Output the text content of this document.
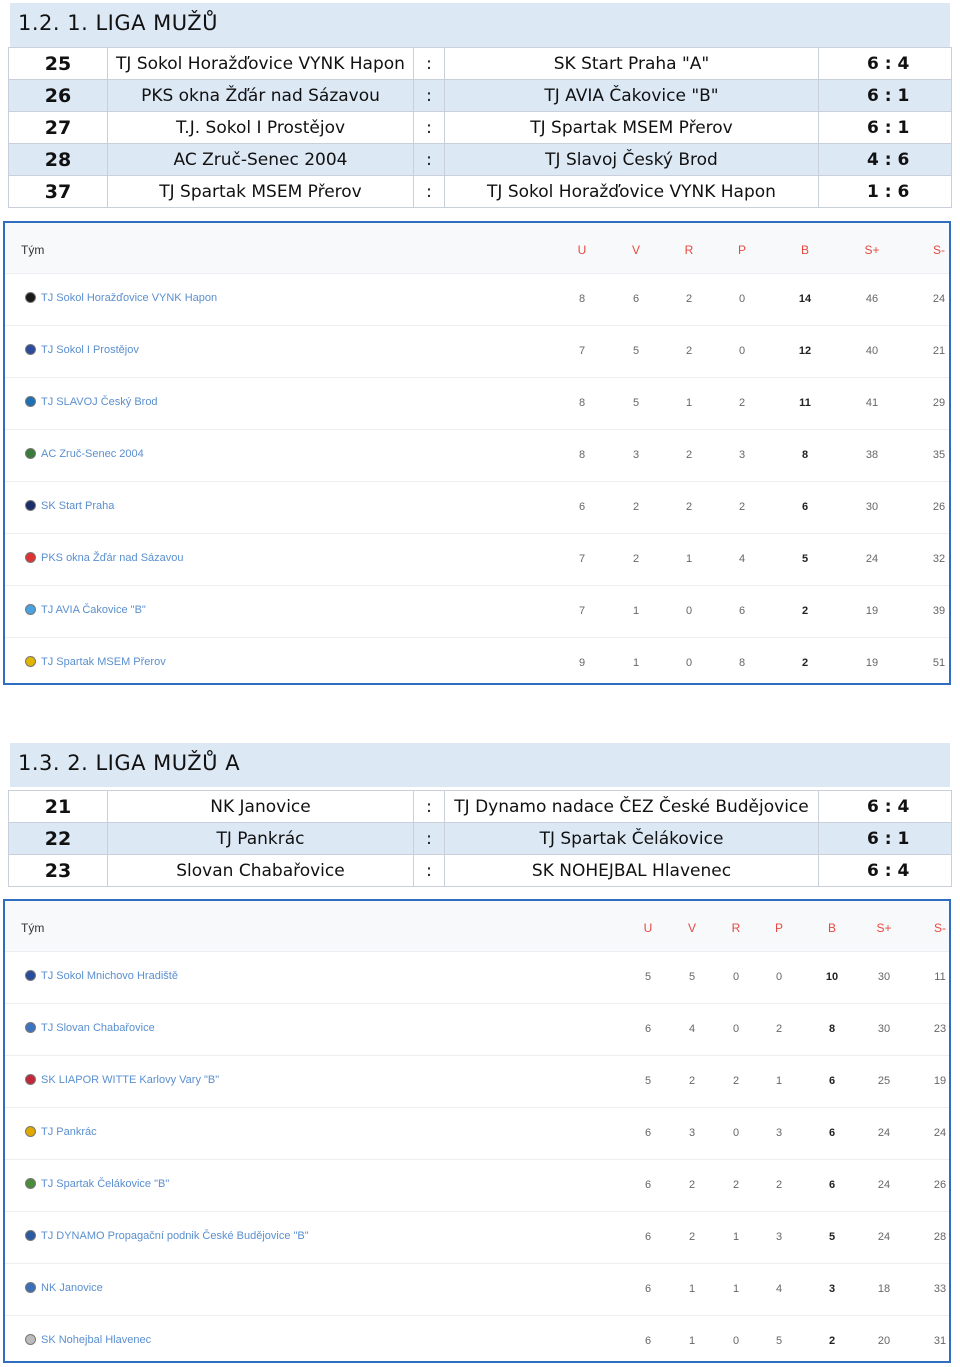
1.2. 1. LIGA MUŽŮ
25	TJ Sokol Horažďovice VYNK Hapon	:	SK Start Praha "A"	6 : 4
26	PKS okna Žďár nad Sázavou	:	TJ AVIA Čakovice "B"	6 : 1
27	T.J. Sokol I Prostějov	:	TJ Spartak MSEM Přerov	6 : 1
28	AC Zruč-Senec 2004	:	TJ Slavoj Český Brod	4 : 6
37	TJ Spartak MSEM Přerov	:	TJ Sokol Horažďovice VYNK Hapon	1 : 6
Tým	U	V	R	P	B	S+	S-
TJ Sokol Horažďovice VYNK Hapon	8	6	2	0	14	46	24
TJ Sokol I Prostějov	7	5	2	0	12	40	21
TJ SLAVOJ Český Brod	8	5	1	2	11	41	29
AC Zruč-Senec 2004	8	3	2	3	8	38	35
SK Start Praha	6	2	2	2	6	30	26
PKS okna Žďár nad Sázavou	7	2	1	4	5	24	32
TJ AVIA Čakovice "B"	7	1	0	6	2	19	39
TJ Spartak MSEM Přerov	9	1	0	8	2	19	51
1.3. 2. LIGA MUŽŮ A
21	NK Janovice	:	TJ Dynamo nadace ČEZ České Budějovice	6 : 4
22	TJ Pankrác	:	TJ Spartak Čelákovice	6 : 1
23	Slovan Chabařovice	:	SK NOHEJBAL Hlavenec	6 : 4
Tým	U	V	R	P	B	S+	S-
TJ Sokol Mnichovo Hradiště	5	5	0	0	10	30	11
TJ Slovan Chabařovice	6	4	0	2	8	30	23
SK LIAPOR WITTE Karlovy Vary "B"	5	2	2	1	6	25	19
TJ Pankrác	6	3	0	3	6	24	24
TJ Spartak Čelákovice "B"	6	2	2	2	6	24	26
TJ DYNAMO Propagační podnik České Budějovice "B"	6	2	1	3	5	24	28
NK Janovice	6	1	1	4	3	18	33
SK Nohejbal Hlavenec	6	1	0	5	2	20	31
